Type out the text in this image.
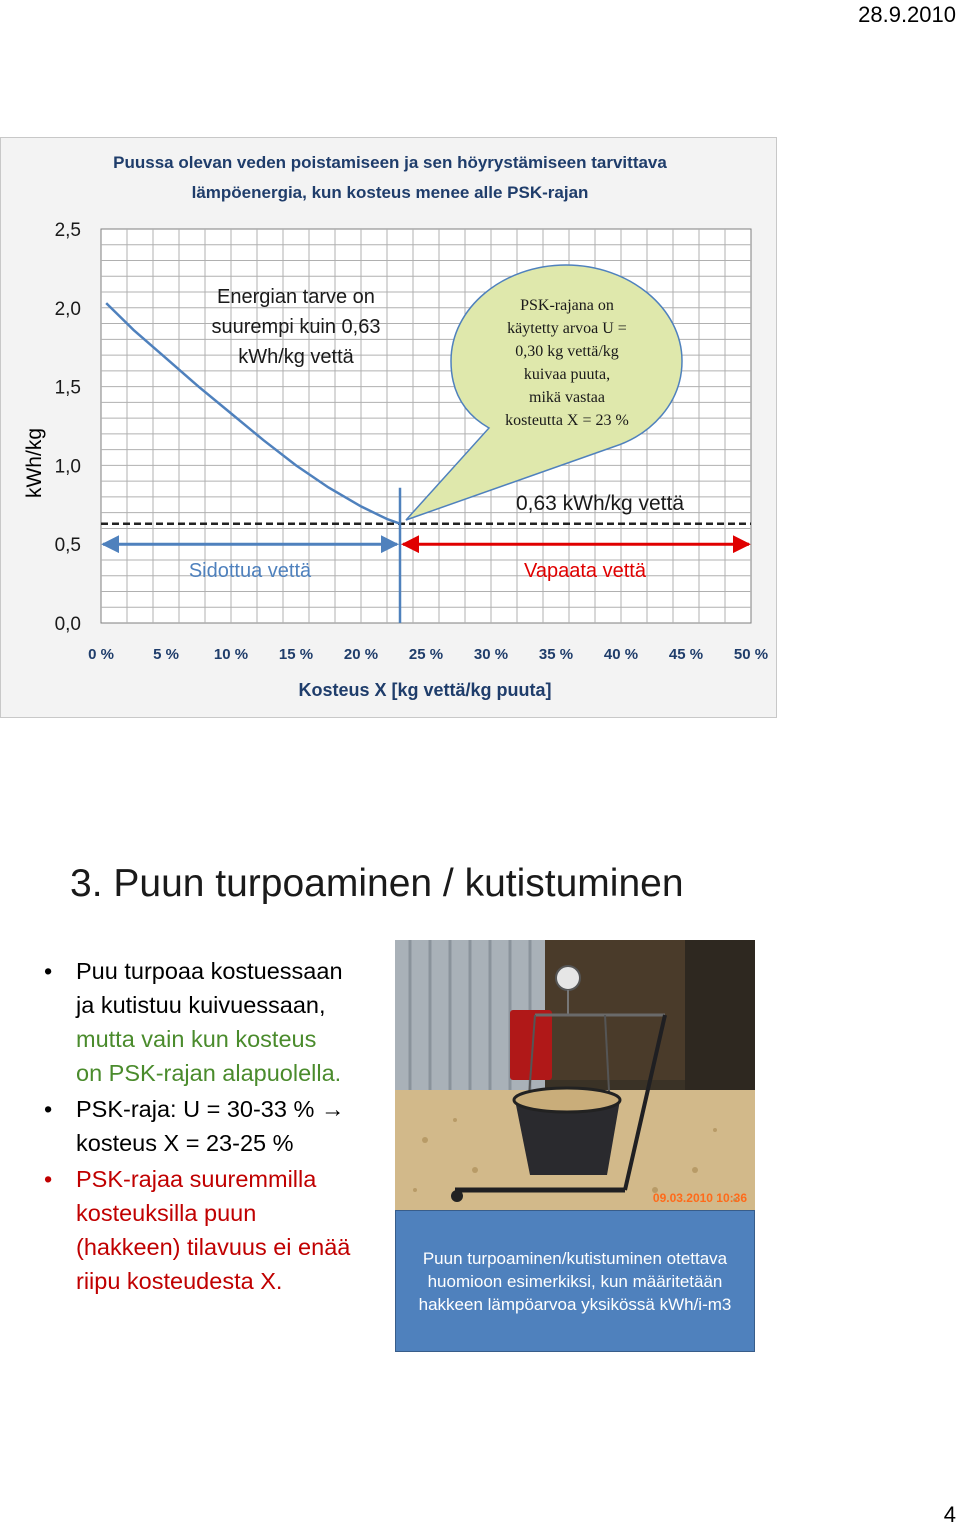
28.9.2010
Puussa olevan veden poistamiseen ja sen höyrystämiseen tarvittava
lämpöenergia, kun kosteus menee alle PSK-rajan
kWh/kg
0,0
0,5
1,0
1,5
2,0
2,5
0 %	5 % 10 % 15 % 20 % 25 % 30 % 35 % 40 % 45 % 50 %
Kosteus X [kg vettä/kg puuta]
Sidottua vettä	Vapaata vettä
0,63 kWh/kg vettä
Energian tarve on
suurempi kuin 0,63
kWh/kg vettä
PSK-rajana on
käytetty arvoa U =
0,30 kg vettä/kg
kuivaa puuta,
mikä vastaa
kosteutta X = 23 %
3. Puun turpoaminen / kutistuminen
• Puu turpoaa kostuessaan
ja kutistuu kuivuessaan,
mutta vain kun kosteus
on PSK-rajan alapuolella.
• PSK-raja: U = 30-33 % →
kosteus X = 23-25 %
• PSK-rajaa suuremmilla
kosteuksilla puun
(hakkeen) tilavuus ei enää
riipu kosteudesta X.
09.03.2010 10:36
Puun turpoaminen/kutistuminen otettava
huomioon esimerkiksi, kun määritetään
hakkeen lämpöarvoa yksikössä kWh/i-m3
4
